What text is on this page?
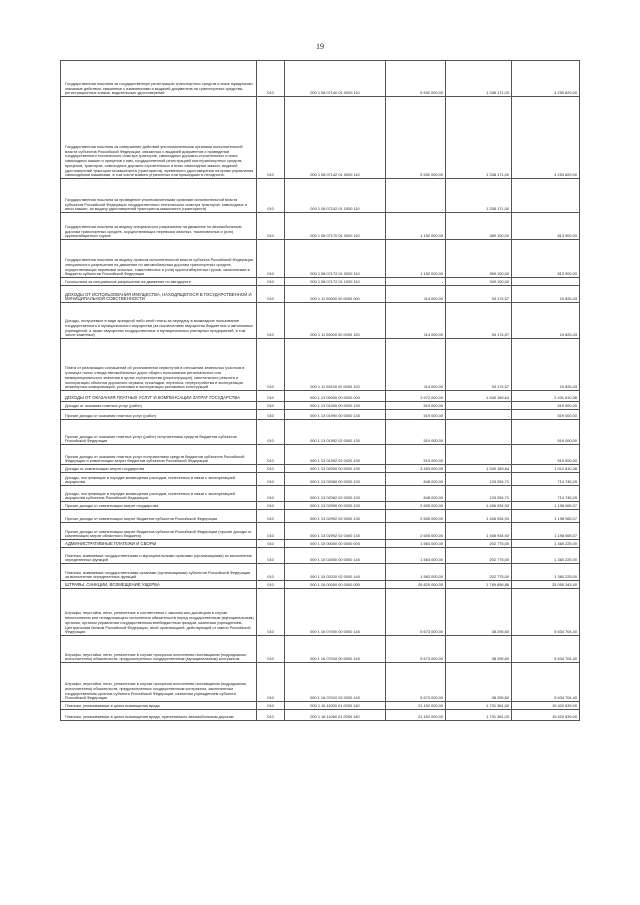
19
Государственная пошлина за государственную регистрацию транспортных средств и иные юридически значимые действия, связанные с изменениями и выдачей документов на транспортные средства, регистрационных знаков, водительских удостоверений	010	000 1 08 07140 01 0000 110	5 592 000,00	1 336 171,00	4 255 829,00
Государственная пошлина за совершение действий уполномоченными органами исполнительной власти субъектов Российской Федерации, связанных с выдачей документов о проведении государственного технического осмотра тракторов, самоходных дорожно-строительных и иных самоходных машин и прицепов к ним, государственной регистрацией мототранспортных средств, прицепов, тракторов, самоходных дорожно-строительных и иных самоходных машин, выдачей удостоверений тракториста-машиниста (тракториста), временного удостоверения на право управления самоходными машинами, в том числе взамен утраченных или пришедших в негодность	010	000 1 08 07142 01 0000 110	5 592 000,00	1 338 171,00	4 253 829,00
Государственная пошлина за проведение уполномоченными органами исполнительной власти субъектов Российской Федерации государственного технического осмотра тракторов, самоходных и иных машин, за выдачу удостоверений тракториста-машиниста (тракториста)	010	000 1 08 07142 01 1000 110	-	1 338 171,00	-
Государственная пошлина за выдачу специального разрешения на движение по автомобильным дорогам транспортных средств, осуществляющих перевозки опасных, тяжеловесных и (или) крупногабаритных грузов	010	000 1 08 07170 01 0000 110	1 152 000,00	389 100,00	813 900,00
Государственная пошлина за выдачу органом исполнительной власти субъекта Российской Федерации специального разрешения на движение по автомобильным дорогам транспортных средств, осуществляющих перевозки опасных, тяжеловесных и (или) крупногабаритных грузов, зачисляемая в бюджеты субъектов Российской Федерации	010	000 1 08 07172 01 0000 110	1 152 000,00	369 100,00	813 900,00
Госпошлина за специальное разрешение на движение по автодороге	010	000 1 08 07172 01 1000 110	-	349 100,00	-
ДОХОДЫ ОТ ИСПОЛЬЗОВАНИЯ ИМУЩЕСТВА, НАХОДЯЩЕГОСЯ В ГОСУДАРСТВЕННОЙ И МУНИЦИПАЛЬНОЙ СОБСТВЕННОСТИ	010	000 1 11 00000 00 0000 000	114 000,00	94 174,57	19 825,43
Доходы, получаемые в виде арендной либо иной платы за передачу в возмездное пользование государственного и муниципального имущества (за исключением имущества бюджетных и автономных учреждений, а также имущества государственных и муниципальных унитарных предприятий, в том числе казенных)	010	000 1 11 05000 00 0000 120	114 000,00	94 174,57	19 825,43
Плата от реализации соглашений об установлении сервитутов в отношении земельных участков в границах полос отвода автомобильных дорог общего пользования регионального или межмуниципального значения в целях строительства (реконструкции), капитального ремонта и эксплуатации объектов дорожного сервиса, прокладки, переноса, переустройства и эксплуатации инженерных коммуникаций, установки и эксплуатации рекламных конструкций	010	000 1 11 05100 02 0000 120	114 000,00	94 174,57	19 825,43
ДОХОДЫ ОТ ОКАЗАНИЯ ПЛАТНЫХ УСЛУГ И КОМПЕНСАЦИИ ЗАТРАТ ГОСУДАРСТВА	010	000 1 13 00000 00 0000 000	3 972 000,00	1 540 189,64	2 431 810,36
Доходы от оказания платных услуг (работ)	010	000 1 13 01000 00 0000 130	519 000,00	-	519 000,00
Прочие доходы от оказания платных услуг (работ)	010	000 1 13 01990 00 0000 130	519 000,00	-	519 000,00
Прочие доходы от оказания платных услуг (работ) получателями средств бюджетов субъектов Российской Федерации	010	000 1 13 01992 02 0000 130	519 000,00	-	519 000,00
Прочие доходы от оказания платных услуг получателями средств бюджетов субъектов Российской Федерации и компенсации затрат бюджетов субъектов Российской Федерации	010	000 1 13 01992 02 0420 130	519 000,00	-	519 000,00
Доходы от компенсации затрат государства	010	000 1 13 02000 00 0000 130	3 453 000,00	1 540 189,64	1 912 810,36
Доходы, поступающие в порядке возмещения расходов, понесенных в связи с эксплуатацией имущества	010	000 1 13 02060 00 0000 130	848 000,00	133 254,71	714 745,29
Доходы, поступающие в порядке возмещения расходов, понесенных в связи с эксплуатацией имущества субъектов Российской Федерации	010	000 1 13 02062 02 0000 130	848 000,00	133 254,71	714 745,29
Прочие доходы от компенсации затрат государства	010	000 1 13 02990 00 0000 130	2 605 000,00	1 406 934,93	1 198 065,07
Прочие доходы от компенсации затрат бюджетов субъектов Российской Федерации	010	000 1 13 02992 02 0000 130	2 605 000,00	1 406 934,93	1 198 065,07
Прочие доходы от компенсации затрат бюджетов субъектов Российской Федерации (прочие доходы от компенсации затрат областного бюджета)	010	000 1 13 02992 02 0400 130	2 605 000,00	1 406 934,93	1 198 065,07
АДМИНИСТРАТИВНЫЕ ПЛАТЕЖИ И СБОРЫ	010	000 1 15 00000 00 0000 000	1 563 000,00	202 775,00	1 360 225,00
Платежи, взимаемые государственными и муниципальными органами (организациями) за выполнение определенных функций	010	000 1 15 02000 00 0000 140	1 563 000,00	202 775,00	1 360 225,00
Платежи, взимаемые государственными органами (организациями) субъектов Российской Федерации за выполнение определенных функций	010	000 1 15 02020 02 0000 140	1 563 000,00	202 775,00	1 360 225,00
ШТРАФЫ, САНКЦИИ, ВОЗМЕЩЕНИЕ УЩЕРБА	010	000 1 16 00000 00 0000 000	26 825 000,00	1 769 856,86	25 055 343,40
Штрафы, неустойки, пени, уплаченные в соответствии с законом или договором в случае неисполнения или ненадлежащего исполнения обязательств перед государственным (муниципальным) органом, органом управления государственным внебюджетным фондом, казенным учреждением, Центральным банком Российской Федерации, иной организацией, действующей от имени Российской Федерации	010	000 1 16 07000 00 0000 140	5 673 000,00	38 295,60	5 634 704,40
Штрафы, неустойки, пени, уплаченные в случае просрочки исполнения поставщиком (подрядчиком, исполнителем) обязательств, предусмотренных государственным (муниципальным) контрактом	010	000 1 16 07010 00 0000 140	5 673 000,00	38 295,60	5 634 704,40
Штрафы, неустойки, пени, уплаченные в случае просрочки исполнения поставщиком (подрядчиком, исполнителем) обязательств, предусмотренных государственным контрактом, заключенным государственным органом субъекта Российской Федерации, казенным учреждением субъекта Российской Федерации	010	000 1 16 07010 02 0000 140	5 673 000,00	38 295,60	5 634 704,40
Платежи, уплачиваемые в целях возмещения вреда	010	000 1 16 11000 01 0000 140	21 152 000,00	1 731 361,00	19 420 639,00
Платежи, уплачиваемые в целях возмещения вреда, причиняемого автомобильным дорогам	010	000 1 16 11060 01 0000 140	21 152 000,00	1 731 361,00	19 420 639,00
